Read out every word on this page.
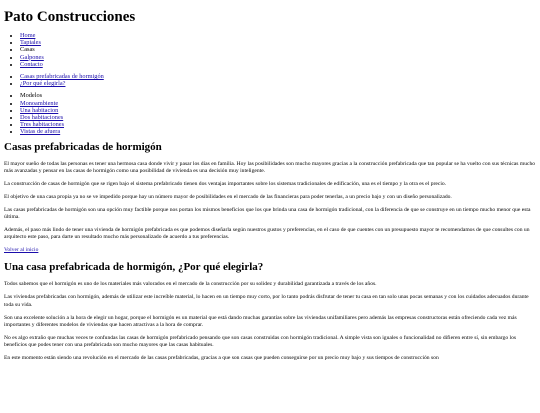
Pato Construcciones
• Home
• Tapiales
• Casas
• Galpones
• Contacto
• Casas prefabricadas de hormigón
• ¿Por qué elegirla?
• Modelos
• Monoambiente
• Una habitacion
• Dos habitaciones
• Tres habitaciones
• Vistas de afuera
Casas prefabricadas de hormigón

El mayor sueño de todas las personas es tener una hermosa casa donde vivir y pasar los días en familia. Hoy las posibilidades son mucho mayores gracias a la construcción prefabricada que tan popular se ha vuelto con sus técnicas mucho más avanzadas y pensar en las casas de hormigón como una posibilidad de vivienda es una decisión muy inteligente.

La construcción de casas de hormigón que se rigen bajo el sistema prefabricado tienen dos ventajas importantes sobre los sistemas tradicionales de edificación, una es el tiempo y la otra es el precio.

El objetivo de una casa propia ya no se ve impedido porque hay un número mayor de posibilidades en el mercado de las financieras para poder tenerlas, a un precio bajo y con un diseño personalizado.

Las casas prefabricadas de hormigón son una opción muy factible porque nos portan los mismos beneficios que los que brinda una casa de hormigón tradicional, con la diferencia de que se construye en un tiempo mucho menor que esta última.

Además, el paso más lindo de tener una vivienda de hormigón prefabricada es que podemos diseñarla según nuestros gustos y preferencias, en el caso de que cuentes con un presupuesto mayor te recomendamos de que consultes con un arquitecto este paso, para darte un resultado mucho más personalizado de acuerdo a tus preferencias.

Volver al inicio
Una casa prefabricada de hormigón, ¿Por qué elegirla?

Todos sabemos que el hormigón es uno de los materiales más valorados en el mercado de la construcción por su solidez y durabilidad garantizada a través de los años.

Las viviendas prefabricadas con hormigón, además de utilizar este increíble material, lo hacen en un tiempo muy corto, por lo tanto podrás disfrutar de tener tu casa en tan solo unas pocas semanas y con los cuidados adecuados durante toda su vida.

Son una excelente solución a la hora de elegir un hogar, porque el hormigón es un material que está dando muchas garantías sobre las viviendas unifamiliares pero además las empresas constructoras están ofreciendo cada vez más importantes y diferentes modelos de viviendas que hacen atractivas a la hora de comprar.

No es algo extraño que muchas veces te confundas las casas de hormigón prefabricado pensando que son casas construidas con hormigón tradicional. A simple vista son iguales o funcionalidad no difieren entre sí, sin embargo los beneficios que podes tener con una prefabricada son mucho mayores que las casas habituales.

En este momento están siendo una revolución en el mercado de las casas prefabricadas, gracias a que son casas que pueden conseguirse por un precio muy bajo y sus tiempos de construcción son
